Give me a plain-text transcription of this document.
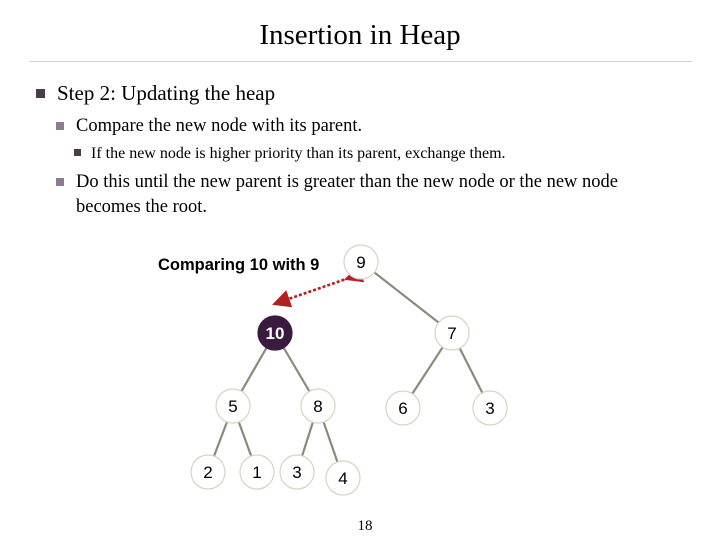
Insertion in Heap
Step 2: Updating the heap
Compare the new node with its parent.
If the new node is higher priority than its parent, exchange them.
Do this until the new parent is greater than the new node or the new node
becomes the root.
9
10	7
5	8	6	3
2 1 3 4
Comparing 10 with 9
18
